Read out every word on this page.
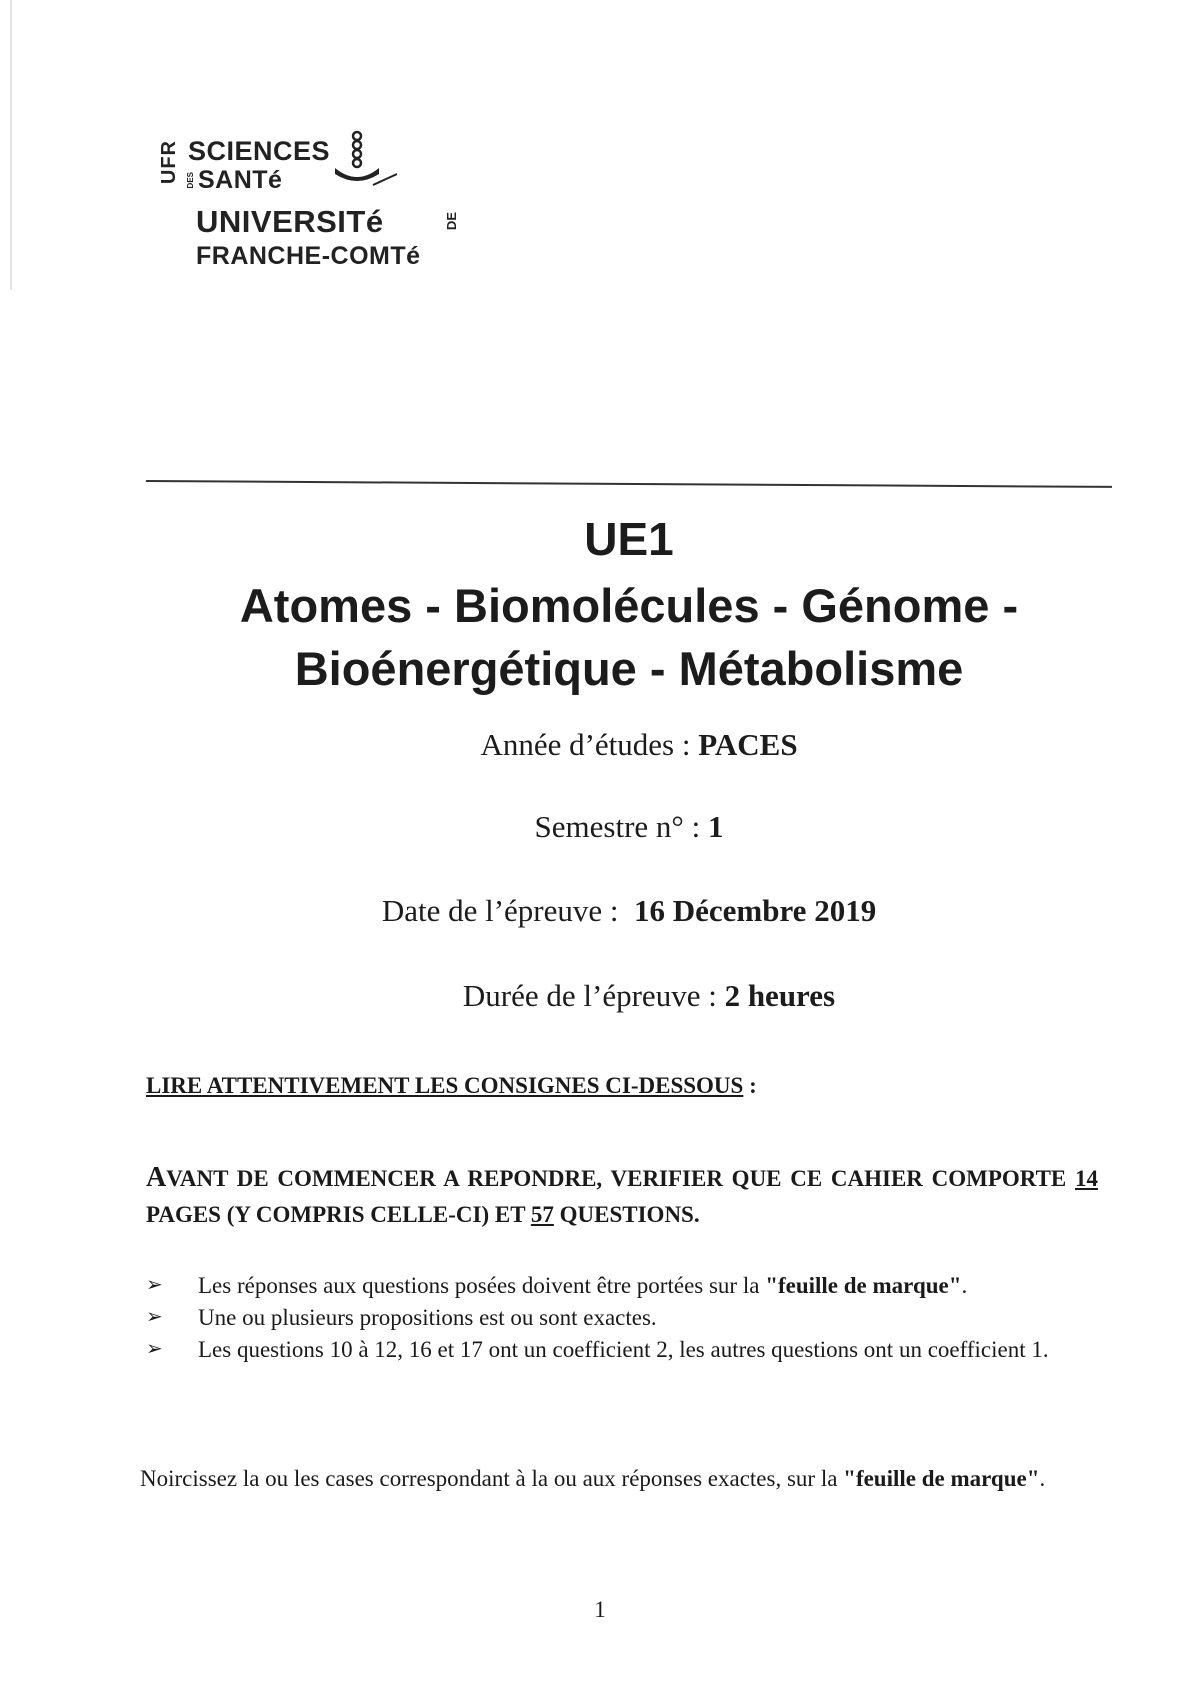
UFR SCIENCES
DES SANTé
UNIVERSITé	DE
FRANCHE-COMTé
UE1
Atomes - Biomolécules - Génome -
Bioénergétique - Métabolisme
Année d’études : PACES
Semestre n° : 1
Date de l’épreuve :  16 Décembre 2019
Durée de l’épreuve : 2 heures
LIRE ATTENTIVEMENT LES CONSIGNES CI-DESSOUS :
AVANT DE COMMENCER A REPONDRE, VERIFIER QUE CE CAHIER COMPORTE 14 PAGES (Y COMPRIS CELLE-CI) ET 57 QUESTIONS.
➢ Les réponses aux questions posées doivent être portées sur la "feuille de marque".
➢ Une ou plusieurs propositions est ou sont exactes.
➢ Les questions 10 à 12, 16 et 17 ont un coefficient 2, les autres questions ont un coefficient 1.
Noircissez la ou les cases correspondant à la ou aux réponses exactes, sur la "feuille de marque".
1
